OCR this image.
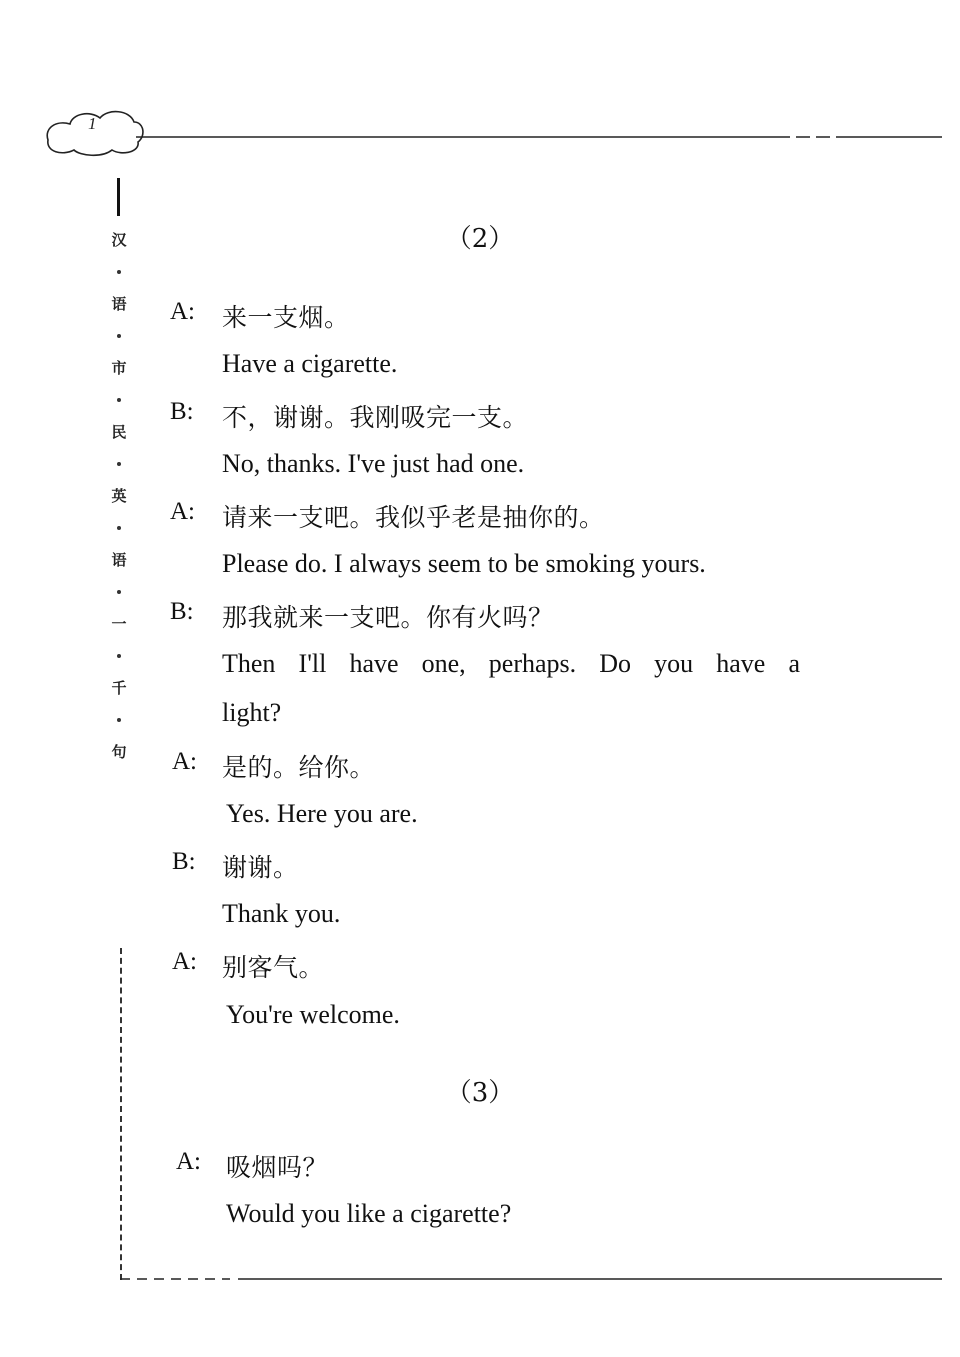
1
汉
语
市
民
英
语
一
千
句
（2）
A: 来一支烟。
Have a cigarette.
B: 不，谢谢。我刚吸完一支。
No, thanks. I've just had one.
A: 请来一支吧。我似乎老是抽你的。
Please do. I always seem to be smoking yours.
B: 那我就来一支吧。你有火吗？
Then I'll have one, perhaps. Do you have a
light?
A: 是的。给你。
Yes. Here you are.
B: 谢谢。
Thank you.
A: 别客气。
You're welcome.
（3）
A: 吸烟吗？
Would you like a cigarette?
